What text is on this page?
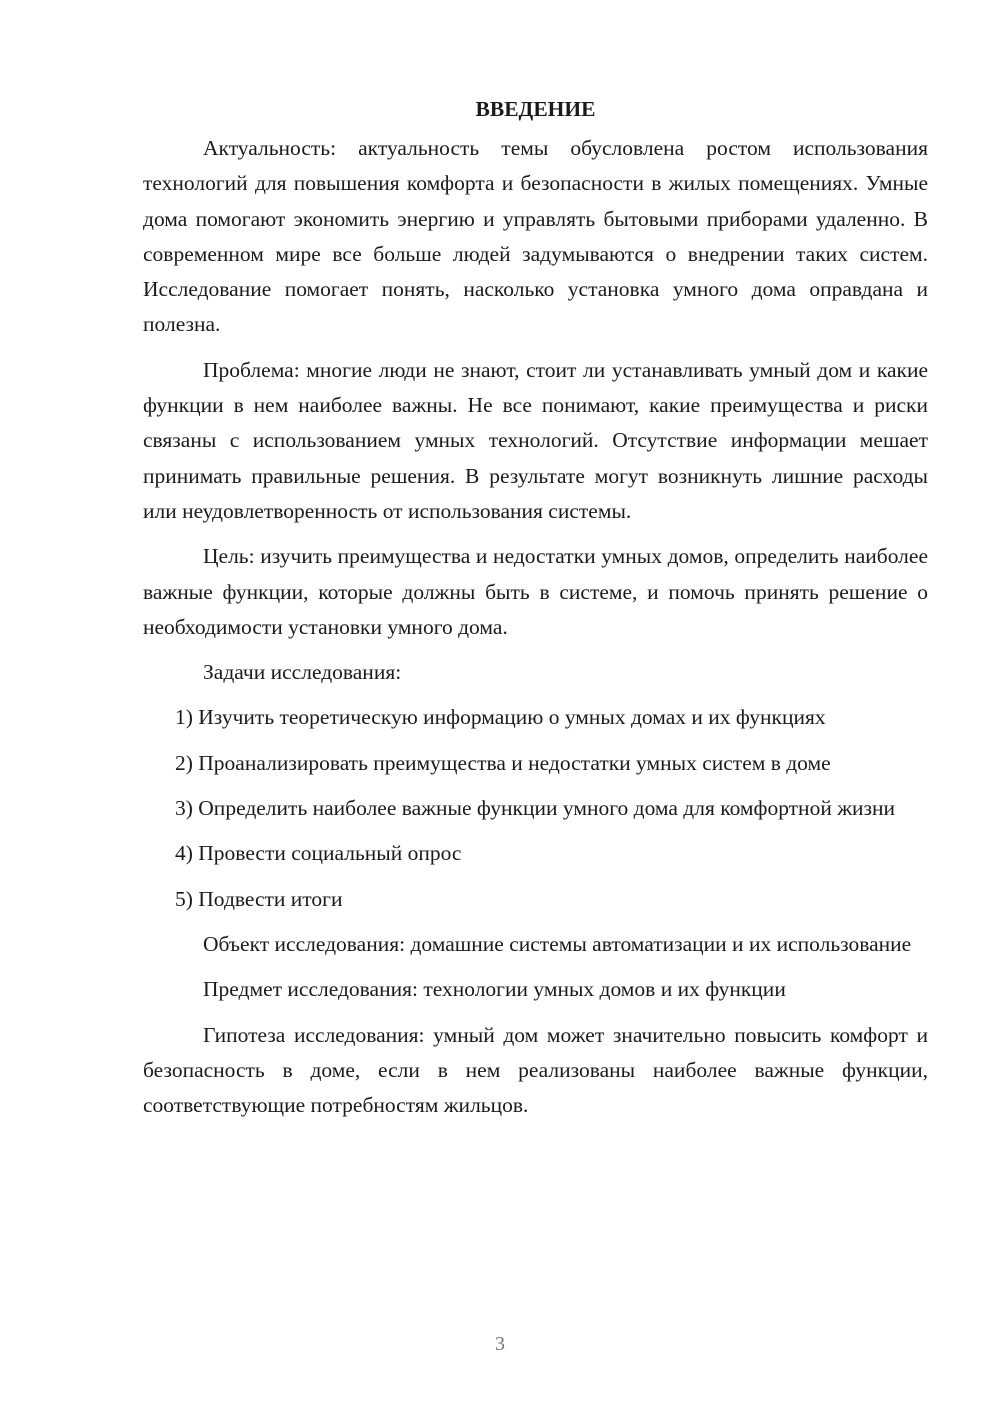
ВВЕДЕНИЕ

Актуальность: актуальность темы обусловлена ростом использования технологий для повышения комфорта и безопасности в жилых помещениях. Умные дома помогают экономить энергию и управлять бытовыми приборами удаленно. В современном мире все больше людей задумываются о внедрении таких систем. Исследование помогает понять, насколько установка умного дома оправдана и полезна.

Проблема: многие люди не знают, стоит ли устанавливать умный дом и какие функции в нем наиболее важны. Не все понимают, какие преимущества и риски связаны с использованием умных технологий. Отсутствие информации мешает принимать правильные решения. В результате могут возникнуть лишние расходы или неудовлетворенность от использования системы.

Цель: изучить преимущества и недостатки умных домов, определить наиболее важные функции, которые должны быть в системе, и помочь принять решение о необходимости установки умного дома.

Задачи исследования:

1) Изучить теоретическую информацию о умных домах и их функциях

2) Проанализировать преимущества и недостатки умных систем в доме

3) Определить наиболее важные функции умного дома для комфортной жизни

4) Провести социальный опрос

5) Подвести итоги

Объект исследования: домашние системы автоматизации и их использование

Предмет исследования: технологии умных домов и их функции

Гипотеза исследования: умный дом может значительно повысить комфорт и безопасность в доме, если в нем реализованы наиболее важные функции, соответствующие потребностям жильцов.

3
